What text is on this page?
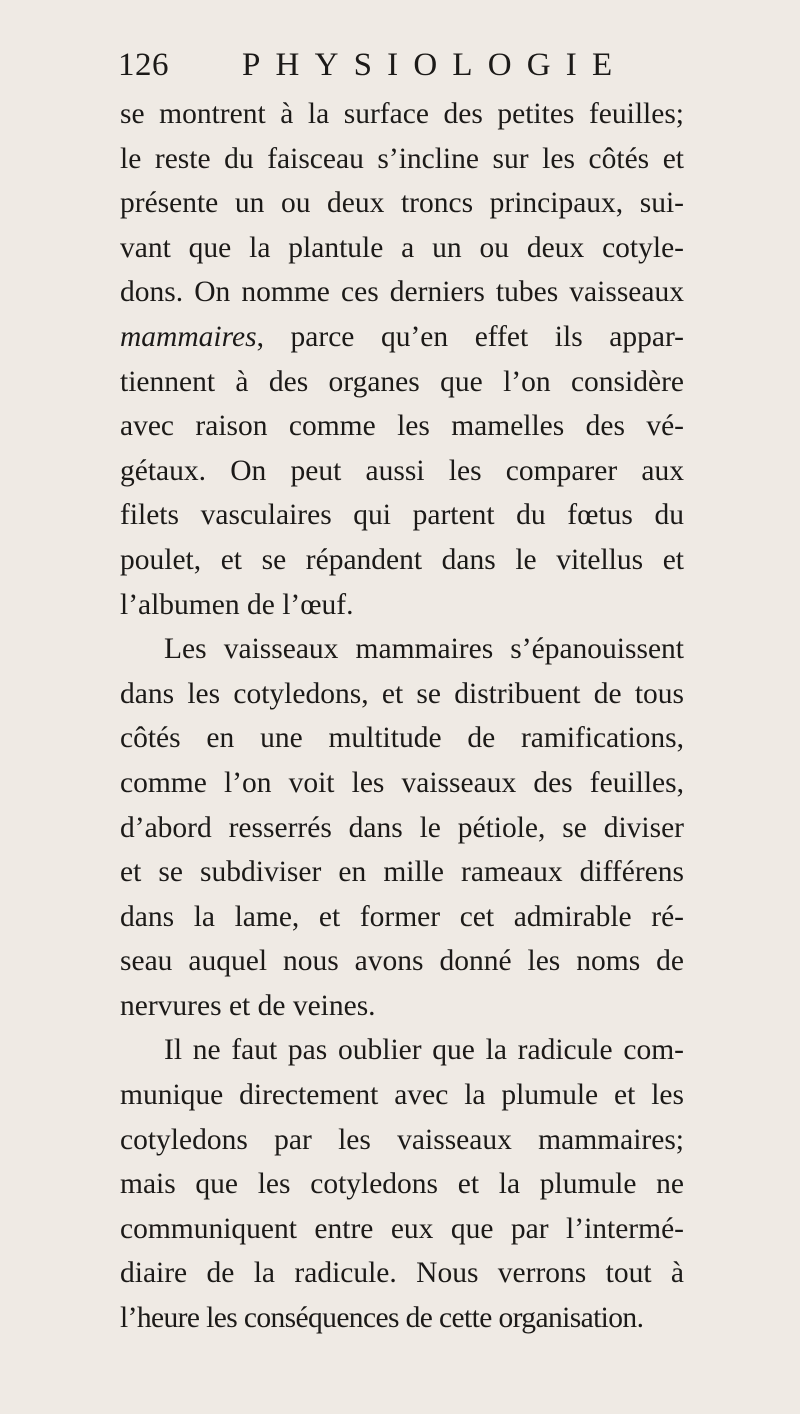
126 PHYSIOLOGIE
se montrent à la surface des petites feuilles;
le reste du faisceau s’incline sur les côtés et
présente un ou deux troncs principaux, sui-
vant que la plantule a un ou deux cotyle-
dons. On nomme ces derniers tubes vaisseaux
mammaires, parce qu’en effet ils appar-
tiennent à des organes que l’on considère
avec raison comme les mamelles des vé-
gétaux. On peut aussi les comparer aux
filets vasculaires qui partent du fœtus du
poulet, et se répandent dans le vitellus et
l’albumen de l’œuf.
Les vaisseaux mammaires s’épanouissent
dans les cotyledons, et se distribuent de tous
côtés en une multitude de ramifications,
comme l’on voit les vaisseaux des feuilles,
d’abord resserrés dans le pétiole, se diviser
et se subdiviser en mille rameaux différens
dans la lame, et former cet admirable ré-
seau auquel nous avons donné les noms de
nervures et de veines.
Il ne faut pas oublier que la radicule com-
munique directement avec la plumule et les
cotyledons par les vaisseaux mammaires;
mais que les cotyledons et la plumule ne
communiquent entre eux que par l’intermé-
diaire de la radicule. Nous verrons tout à
l’heure les conséquences de cette organisation.
